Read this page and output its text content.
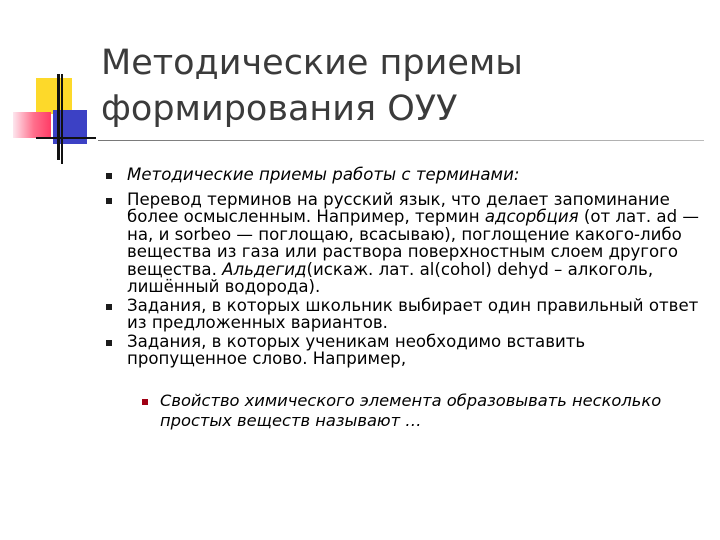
Методические приемы
формирования ОУУ
Методические приемы работы с терминами:
Перевод терминов на русский язык, что делает запоминание более осмысленным. Например, термин адсорбция (от лат. ad — на, и sorbeo — поглощаю, всасываю), поглощение какого-либо вещества из газа или раствора поверхностным слоем другого вещества. Альдегид(искаж. лат. al(cohol) dehyd – алкоголь, лишённый водорода).
Задания, в которых школьник выбирает один правильный ответ из предложенных вариантов.
Задания, в которых ученикам необходимо вставить пропущенное слово. Например,
Свойство химического элемента образовывать несколько простых веществ называют …
